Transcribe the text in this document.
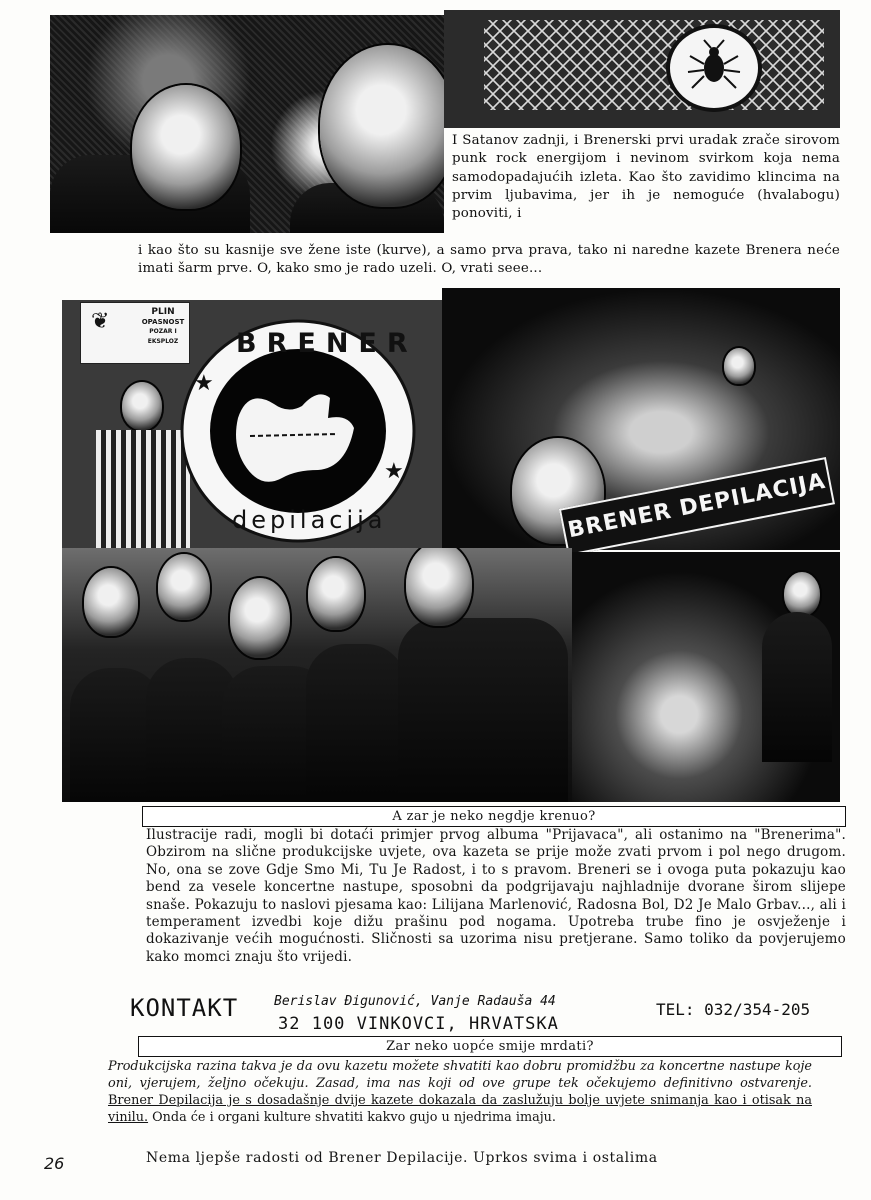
I Satanov zadnji, i Brenerski prvi uradak zrače sirovom punk rock energijom i nevinom svirkom koja nema samodopadajućih izleta. Kao što zavidimo klincima na prvim ljubavima, jer ih je nemoguće (hvalabogu) ponoviti, i

i kao što su kasnije sve žene iste (kurve), a samo prva prava, tako ni naredne kazete Brenera neće imati šarm prve. O, kako smo je rado uzeli. O, vrati seee...

❦	PLIN
OPASNOST
POZAR I EKSPLOZ
★
★
BRENER
depilacija	BRENER DEPILACIJA
A zar je neko negdje krenuo?

Ilustracije radi, mogli bi dotaći primjer prvog albuma "Prijavaca", ali ostanimo na "Brenerima". Obzirom na slične produkcijske uvjete, ova kazeta se prije može zvati prvom i pol nego drugom. No, ona se zove Gdje Smo Mi, Tu Je Radost, i to s pravom. Breneri se i ovoga puta pokazuju kao bend za vesele koncertne nastupe, sposobni da podgrijavaju najhladnije dvorane širom slijepe snaše. Pokazuju to naslovi pjesama kao: Lilijana Marlenović, Radosna Bol, D2 Je Malo Grbav..., ali i temperament izvedbi koje dižu prašinu pod nogama. Upotreba trube fino je osvježenje i dokazivanje većih mogućnosti. Sličnosti sa uzorima nisu pretjerane. Samo toliko da povjerujemo kako momci znaju što vrijedi.

KONTAKT	Berislav Đigunović, Vanje Radauša 44
32 100 VINKOVCI, HRVATSKA
TEL: 032/354-205
Zar neko uopće smije mrdati?

Produkcijska razina takva je da ovu kazetu možete shvatiti kao dobru promidžbu za koncertne nastupe koje oni, vjerujem, željno očekuju. Zasad, ima nas koji od ove grupe tek očekujemo definitivno ostvarenje. Brener Depilacija je s dosadašnje dvije kazete dokazala da zaslužuju bolje uvjete snimanja kao i otisak na vinilu. Onda će i organi kulture shvatiti kakvo gujo u njedrima imaju.

Nema ljepše radosti od Brener Depilacije. Uprkos svima i ostalima
26
